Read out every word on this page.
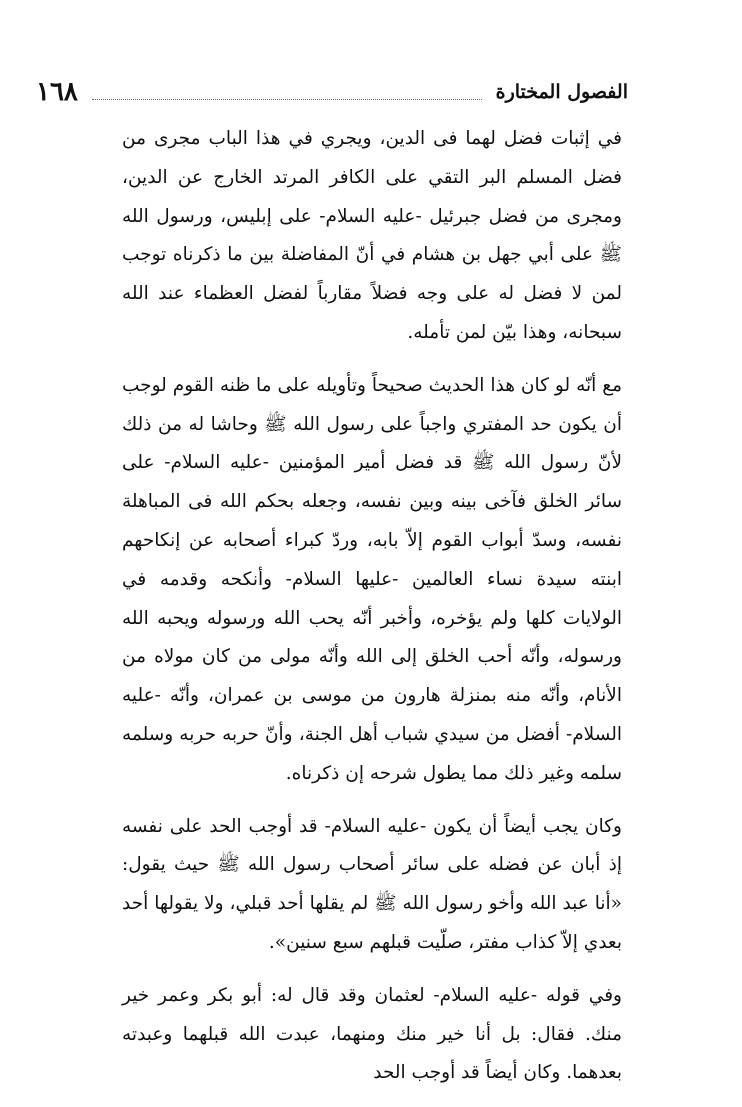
١٦٨	الفصول المختارة

في إثبات فضل لهما فى الدين، ويجري في هذا الباب مجرى من فضل المسلم البر التقي على الكافر المرتد الخارج عن الدين، ومجرى من فضل جبرئيل -عليه السلام- على إبليس، ورسول الله ﷺ على أبي جهل بن هشام في أنّ المفاضلة بين ما ذكرناه توجب لمن لا فضل له على وجه فضلاً مقارباً لفضل العظماء عند الله سبحانه، وهذا بيّن لمن تأمله.

مع أنّه لو كان هذا الحديث صحيحاً وتأويله على ما ظنه القوم لوجب أن يكون حد المفتري واجباً على رسول الله ﷺ وحاشا له من ذلك لأنّ رسول الله ﷺ قد فضل أمير المؤمنين -عليه السلام- على سائر الخلق فآخى بينه وبين نفسه، وجعله بحكم الله فى المباهلة نفسه، وسدّ أبواب القوم إلاّ بابه، وردّ كبراء أصحابه عن إنكاحهم ابنته سيدة نساء العالمين -عليها السلام- وأنكحه وقدمه في الولايات كلها ولم يؤخره، وأخبر أنّه يحب الله ورسوله ويحبه الله ورسوله، وأنّه أحب الخلق إلى الله وأنّه مولى من كان مولاه من الأنام، وأنّه منه بمنزلة هارون من موسى بن عمران، وأنّه -عليه السلام- أفضل من سيدي شباب أهل الجنة، وأنّ حربه حربه وسلمه سلمه وغير ذلك مما يطول شرحه إن ذكرناه.

وكان يجب أيضاً أن يكون -عليه السلام- قد أوجب الحد على نفسه إذ أبان عن فضله على سائر أصحاب رسول الله ﷺ حيث يقول: «أنا عبد الله وأخو رسول الله ﷺ لم يقلها أحد قبلي، ولا يقولها أحد بعدي إلاّ كذاب مفتر، صلّيت قبلهم سبع سنين».

وفي قوله -عليه السلام- لعثمان وقد قال له: أبو بكر وعمر خير منك. فقال: بل أنا خير منك ومنهما، عبدت الله قبلهما وعبدته بعدهما. وكان أيضاً قد أوجب الحد
